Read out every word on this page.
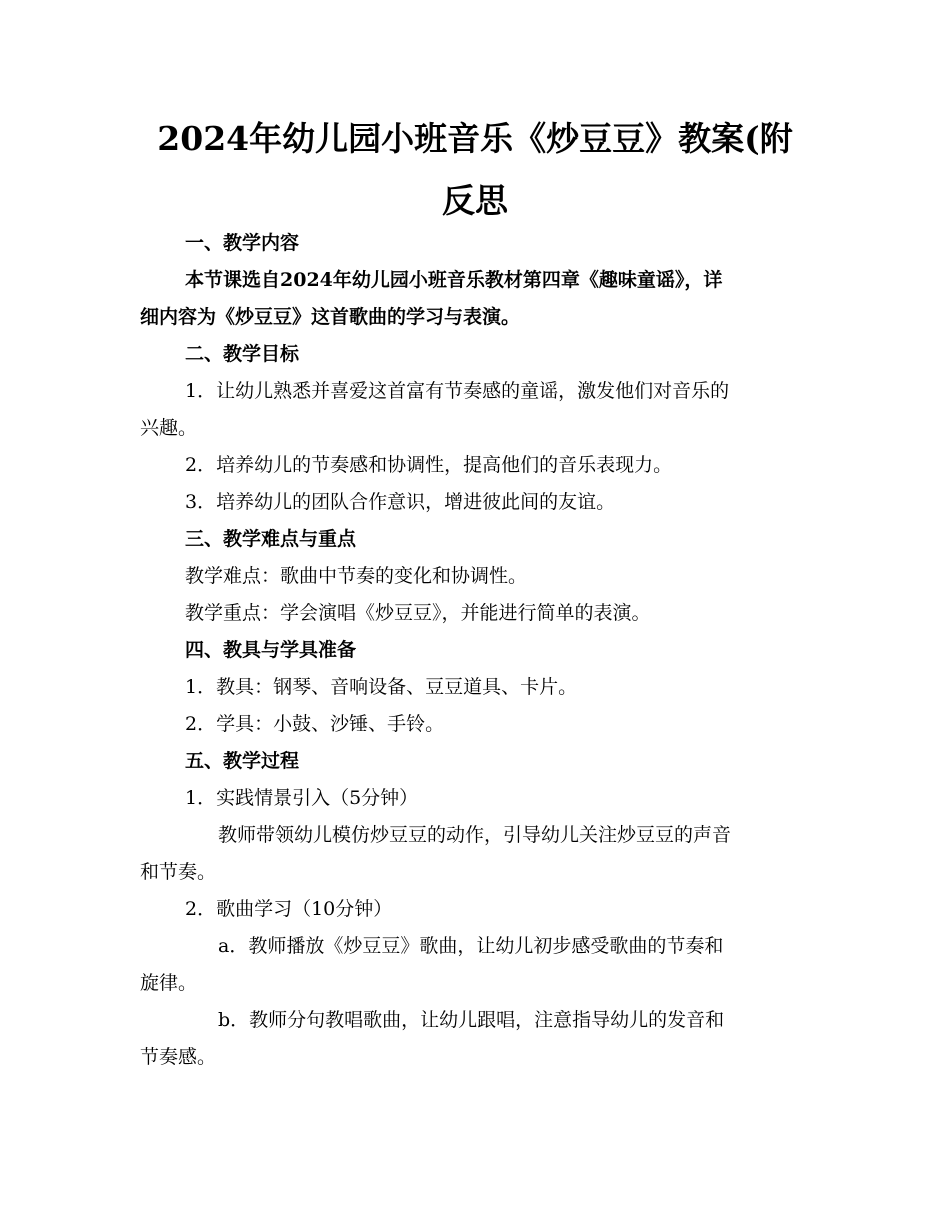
2024年幼儿园小班音乐《炒豆豆》教案(附
反思
一、教学内容
本节课选自2024年幼儿园小班音乐教材第四章《趣味童谣》，详
细内容为《炒豆豆》这首歌曲的学习与表演。
二、教学目标
1．让幼儿熟悉并喜爱这首富有节奏感的童谣，激发他们对音乐的
兴趣。
2．培养幼儿的节奏感和协调性，提高他们的音乐表现力。
3．培养幼儿的团队合作意识，增进彼此间的友谊。
三、教学难点与重点
教学难点：歌曲中节奏的变化和协调性。
教学重点：学会演唱《炒豆豆》，并能进行简单的表演。
四、教具与学具准备
1．教具：钢琴、音响设备、豆豆道具、卡片。
2．学具：小鼓、沙锤、手铃。
五、教学过程
1．实践情景引入（5分钟）
教师带领幼儿模仿炒豆豆的动作，引导幼儿关注炒豆豆的声音
和节奏。
2．歌曲学习（10分钟）
a．教师播放《炒豆豆》歌曲，让幼儿初步感受歌曲的节奏和
旋律。
b．教师分句教唱歌曲，让幼儿跟唱，注意指导幼儿的发音和
节奏感。
